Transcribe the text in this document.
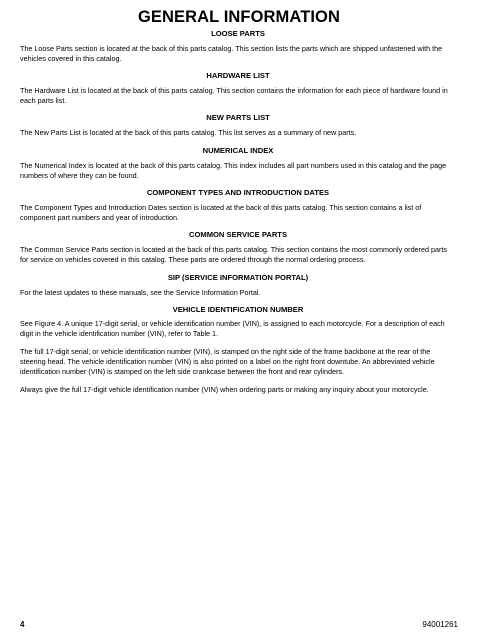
GENERAL INFORMATION

LOOSE PARTS

The Loose Parts section is located at the back of this parts catalog. This section lists the parts which are shipped unfastened with the vehicles covered in this catalog.

HARDWARE LIST

The Hardware List is located at the back of this parts catalog. This section contains the information for each piece of hardware found in each parts list.

NEW PARTS LIST

The New Parts List is located at the back of this parts catalog. This list serves as a summary of new parts.

NUMERICAL INDEX

The Numerical Index is located at the back of this parts catalog. This index includes all part numbers used in this catalog and the page numbers of where they can be found.

COMPONENT TYPES AND INTRODUCTION DATES

The Component Types and Introduction Dates section is located at the back of this parts catalog. This section contains a list of component part numbers and year of introduction.

COMMON SERVICE PARTS

The Common Service Parts section is located at the back of this parts catalog. This section contains the most commonly ordered parts for service on vehicles covered in this catalog. These parts are ordered through the normal ordering process.

SIP (SERVICE INFORMATION PORTAL)

For the latest updates to these manuals, see the Service Information Portal.

VEHICLE IDENTIFICATION NUMBER

See Figure 4. A unique 17-digit serial, or vehicle identification number (VIN), is assigned to each motorcycle. For a description of each digit in the vehicle identification number (VIN), refer to Table 1.

The full 17-digit serial, or vehicle identification number (VIN), is stamped on the right side of the frame backbone at the rear of the steering head. The vehicle identification number (VIN) is also printed on a label on the right front downtube. An abbreviated vehicle identification number (VIN) is stamped on the left side crankcase between the front and rear cylinders.

Always give the full 17-digit vehicle identification number (VIN) when ordering parts or making any inquiry about your motorcycle.

4	94001261
